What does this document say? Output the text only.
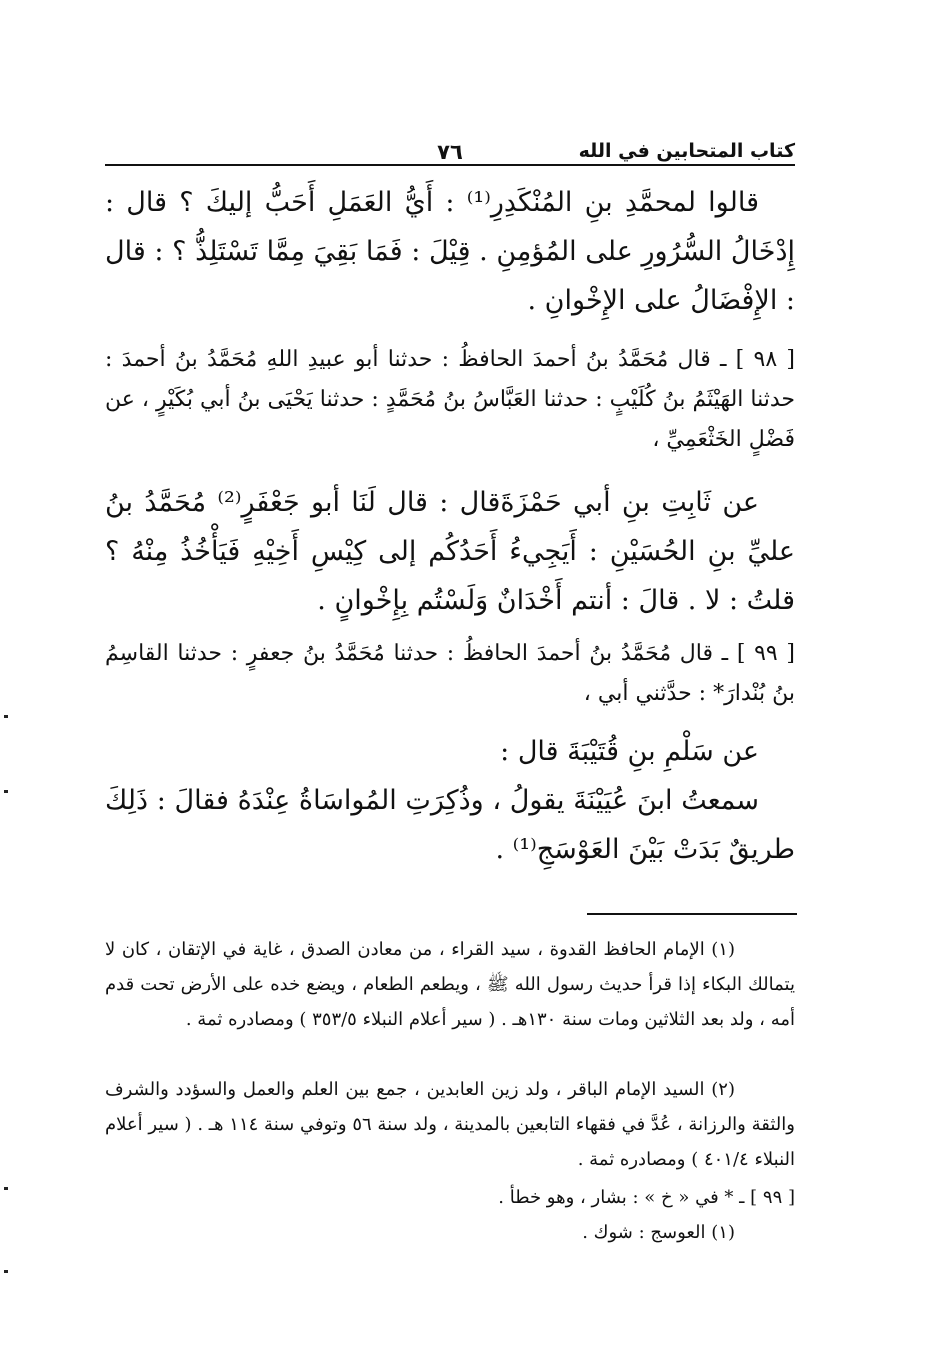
كتاب المتحابين في الله
٧٦
قالوا لمحمَّدِ بنِ المُنْكَدِرِ⁽¹⁾ : أَيُّ العَمَلِ أَحَبُّ إليكَ ؟ قال : إِدْخَالُ السُّرُورِ على المُؤمِنِ . قِيْلَ : فَمَا بَقِيَ مِمَّا تَسْتَلِذُّ ؟ : قال : الإِفْضَالُ على الإِخْوانِ .
[ ٩٨ ] ـ قال مُحَمَّدُ بنُ أحمدَ الحافظُ : حدثنا أبو عبيدِ اللهِ مُحَمَّدُ بنُ أحمدَ : حدثنا الهَيْثَمُ بنُ كُلَيْبٍ : حدثنا العَبَّاسُ بنُ مُحَمَّدٍ : حدثنا يَحْيَى بنُ أبي بُكَيْرٍ ، عن فَضْلٍ الخَثْعَمِيِّ ،
عن ثَابِتِ بنِ أبي حَمْزَةَقال : قال لَنَا أبو جَعْفَرٍ⁽²⁾ مُحَمَّدُ بنُ عليِّ بنِ الحُسَيْنِ : أَيَجِيءُ أَحَدُكُم إلى كِيْسِ أَخِيْهِ فَيَأْخُذُ مِنْهُ ؟ قلتُ : لا . قالَ : أنتم أَخْدَانٌ وَلَسْتُم بِإِخْوانٍ .
[ ٩٩ ] ـ قال مُحَمَّدُ بنُ أحمدَ الحافظُ : حدثنا مُحَمَّدُ بنُ جعفرٍ : حدثنا القاسِمُ بنُ بُنْدارَ* : حدَّثني أبي ،
عن سَلْمِ بنِ قُتَيْبَةَ قال :
سمعتُ ابنَ عُيَيْنَةَ يقولُ ، وذُكِرَتِ المُواسَاةُ عِنْدَهُ فقالَ : ذَلِكَ طريقٌ بَدَتْ بَيْنَ العَوْسَجِ⁽¹⁾ .
(١) الإمام الحافظ القدوة ، سيد القراء ، من معادن الصدق ، غاية في الإتقان ، كان لا يتمالك البكاء إذا قرأ حديث رسول الله ﷺ ، ويطعم الطعام ، ويضع خده على الأرض تحت قدم أمه ، ولد بعد الثلاثين ومات سنة ١٣٠هـ . ( سير أعلام النبلاء ٣٥٣/٥ ) ومصادره ثمة .
(٢) السيد الإمام الباقر ، ولد زين العابدين ، جمع بين العلم والعمل والسؤدد والشرف والثقة والرزانة ، عُدَّ في فقهاء التابعين بالمدينة ، ولد سنة ٥٦ وتوفي سنة ١١٤ هـ . ( سير أعلام النبلاء ٤٠١/٤ ) ومصادره ثمة .
[ ٩٩ ] ـ * في « خ » : بشار ، وهو خطأ .
(١) العوسج : شوك .
